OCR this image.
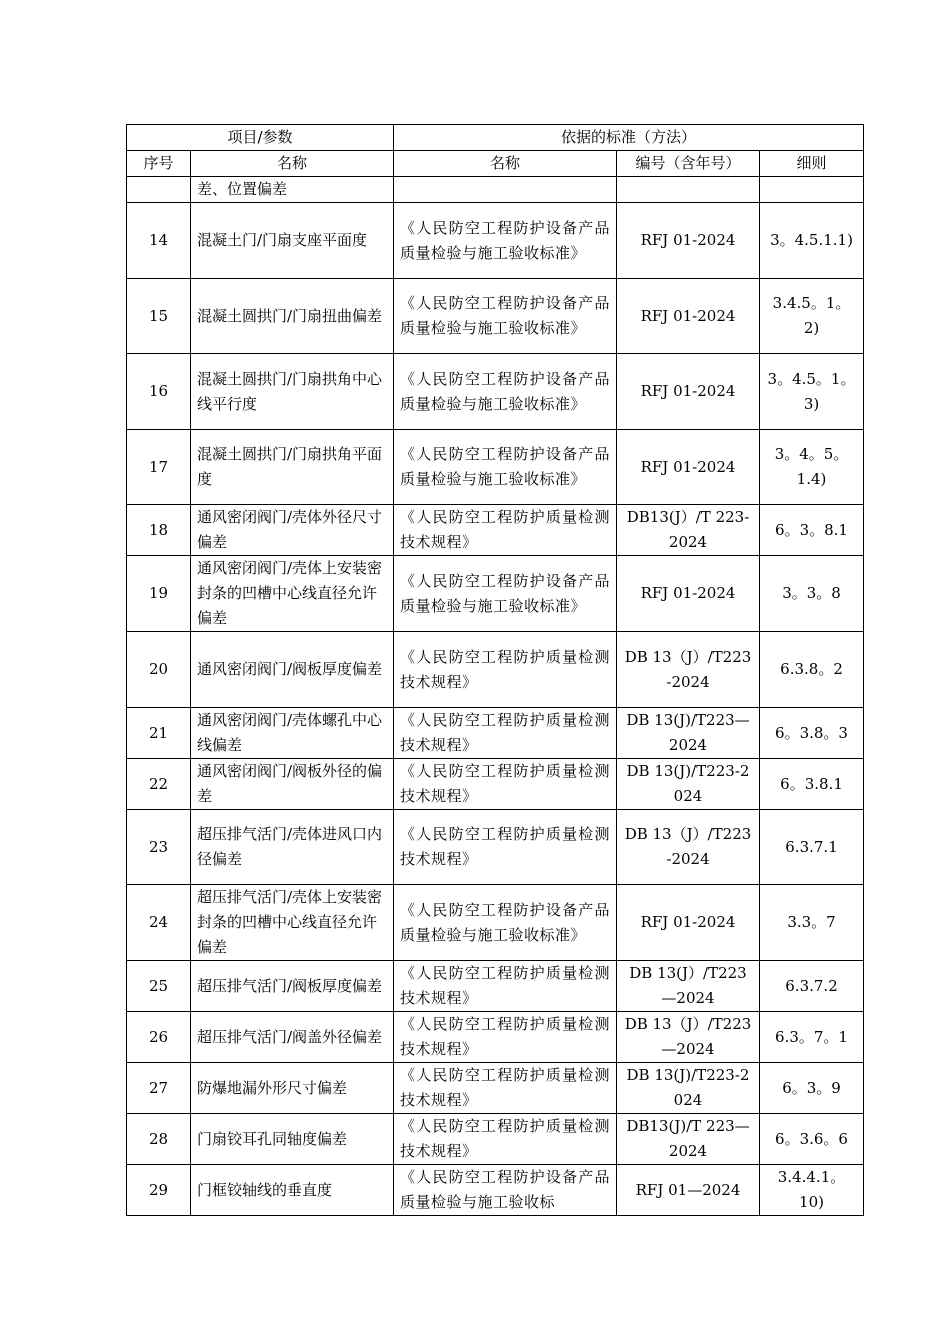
项目/参数		依据的标准（方法）		
序号	名称	名称	编号（含年号）	细则
	差、位置偏差			
14	混凝土门/门扇支座平面度	《人民防空工程防护设备产品质量检验与施工验收标准》	RFJ 01-2024	3。4.5.1.1)
15	混凝土圆拱门/门扇扭曲偏差	《人民防空工程防护设备产品质量检验与施工验收标准》	RFJ 01-2024	3.4.5。1。2)
16	混凝土圆拱门/门扇拱角中心线平行度	《人民防空工程防护设备产品质量检验与施工验收标准》	RFJ 01-2024	3。4.5。1。3)
17	混凝土圆拱门/门扇拱角平面度	《人民防空工程防护设备产品质量检验与施工验收标准》	RFJ 01-2024	3。4。5。1.4)
18	通风密闭阀门/壳体外径尺寸偏差	《人民防空工程防护质量检测技术规程》	DB13(J）/T 223-2024	6。3。8.1
19	通风密闭阀门/壳体上安装密封条的凹槽中心线直径允许偏差	《人民防空工程防护设备产品质量检验与施工验收标准》	RFJ 01-2024	3。3。8
20	通风密闭阀门/阀板厚度偏差	《人民防空工程防护质量检测技术规程》	DB 13（J）/T223-2024	6.3.8。2
21	通风密闭阀门/壳体螺孔中心线偏差	《人民防空工程防护质量检测技术规程》	DB 13(J)/T223—2024	6。3.8。3
22	通风密闭阀门/阀板外径的偏差	《人民防空工程防护质量检测技术规程》	DB 13(J)/T223-2024	6。3.8.1
23	超压排气活门/壳体进风口内径偏差	《人民防空工程防护质量检测技术规程》	DB 13（J）/T223-2024	6.3.7.1
24	超压排气活门/壳体上安装密封条的凹槽中心线直径允许偏差	《人民防空工程防护设备产品质量检验与施工验收标准》	RFJ 01-2024	3.3。7
25	超压排气活门/阀板厚度偏差	《人民防空工程防护质量检测技术规程》	DB 13(J）/T223—2024	6.3.7.2
26	超压排气活门/阀盖外径偏差	《人民防空工程防护质量检测技术规程》	DB 13（J）/T223—2024	6.3。7。1
27	防爆地漏外形尺寸偏差	《人民防空工程防护质量检测技术规程》	DB 13(J)/T223-2024	6。3。9
28	门扇铰耳孔同轴度偏差	《人民防空工程防护质量检测技术规程》	DB13(J)/T 223—2024	6。3.6。6
29	门框铰轴线的垂直度	《人民防空工程防护设备产品质量检验与施工验收标	RFJ 01—2024	3.4.4.1。10)
